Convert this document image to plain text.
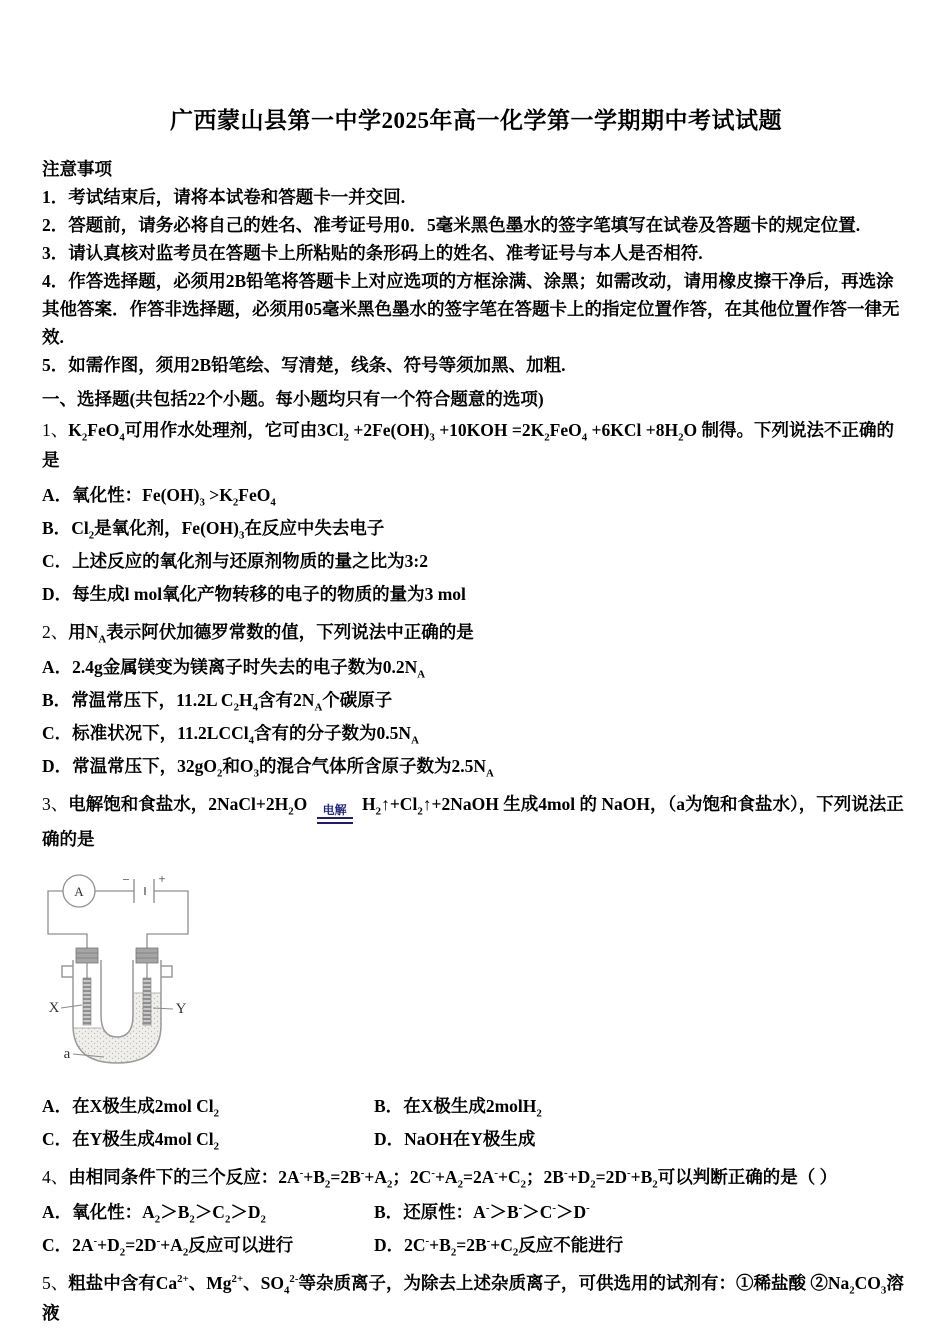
广西蒙山县第一中学2025年高一化学第一学期期中考试试题
注意事项

1．考试结束后，请将本试卷和答题卡一并交回.

2．答题前，请务必将自己的姓名、准考证号用0．5毫米黑色墨水的签字笔填写在试卷及答题卡的规定位置.

3．请认真核对监考员在答题卡上所粘贴的条形码上的姓名、准考证号与本人是否相符.

4．作答选择题，必须用2B铅笔将答题卡上对应选项的方框涂满、涂黑；如需改动，请用橡皮擦干净后，再选涂其他答案．作答非选择题，必须用05毫米黑色墨水的签字笔在答题卡上的指定位置作答，在其他位置作答一律无效.

5．如需作图，须用2B铅笔绘、写清楚，线条、符号等须加黑、加粗.

一、选择题(共包括22个小题。每小题均只有一个符合题意的选项)

1、$K_2FeO_4$可用作水处理剂，它可由$3Cl_2 +2Fe(OH)_3 +10KOH =2K_2FeO_4 +6KCl +8H_2O$ 制得。下列说法不正确的是

A．氧化性：$Fe(OH)_3 >K_2FeO_4$

B．$Cl_2$是氧化剂，$Fe(OH)_3$在反应中失去电子

C．上述反应的氧化剂与还原剂物质的量之比为3:2

D．每生成l mol氧化产物转移的电子的物质的量为3 mol

2、用$N_A$表示阿伏加德罗常数的值，下列说法中正确的是

A．2.4g金属镁变为镁离子时失去的电子数为$0.2N_A$

B．常温常压下，11.2L $C_2H_4$含有$2N_A$个碳原子

C．标准状况下，11.2LCCl$_4$含有的分子数为$0.5N_A$

D．常温常压下，$32gO_2$和$O_3$的混合气体所含原子数为$2.5N_A$

3、电解饱和食盐水，$2NaCl+2H_2O$ 电解 $H_2↑+Cl_2↑+2NaOH$ 生成4mol 的 NaOH，（a为饱和食盐水），下列说法正确的是

A
− +
X	Y
a

A．在X极生成2mol $Cl_2$	B．在X极生成2molH$_2$

C．在Y极生成4mol $Cl_2$	D．NaOH在Y极生成

4、由相同条件下的三个反应：$2A^-+B_2=2B^-+A_2$；$2C^-+A_2=2A^-+C_2$；$2B^-+D_2=2D^-+B_2$可以判断正确的是（ ）

A．氧化性：$A_2>B_2>C_2>D_2$	B．还原性：A-＞B-＞C-＞D-

C．$2A^-+D_2=2D^-+A_2$反应可以进行	D．$2C^-+B_2=2B^-+C_2$反应不能进行

5、粗盐中含有$Ca^{2+}$、$Mg^{2+}$、$SO_4^{2-}$等杂质离子，为除去上述杂质离子，可供选用的试剂有：①稀盐酸 $②Na_2CO_3$溶液
